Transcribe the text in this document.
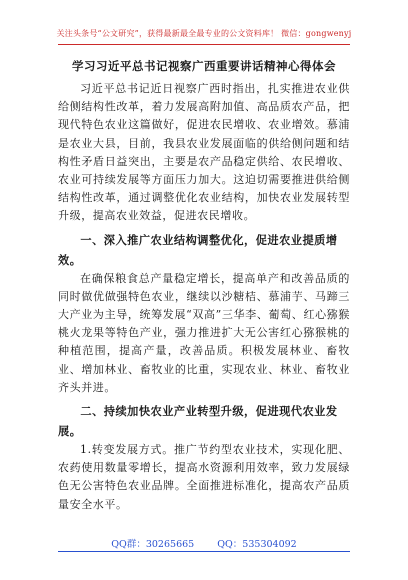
关注头条号“公文研究”，获得最新最全最专业的公文资料库！ 微信：gongwenyj
学习习近平总书记视察广西重要讲话精神心得体会

习近平总书记近日视察广西时指出，扎实推进农业供给侧结构性改革，着力发展高附加值、高品质农产品，把现代特色农业这篇做好，促进农民增收、农业增效。慕浦是农业大县，目前，我县农业发展面临的供给侧问题和结构性矛盾日益突出，主要是农产品稳定供给、农民增收、农业可持续发展等方面压力加大。这迫切需要推进供给侧结构性改革，通过调整优化农业结构，加快农业发展转型升级，提高农业效益，促进农民增收。

一、深入推广农业结构调整优化，促进农业提质增效。

在确保粮食总产量稳定增长，提高单产和改善品质的同时做优做强特色农业，继续以沙糖桔、慕浦芋、马蹄三大产业为主导，统筹发展“双高”三华李、葡萄、红心猕猴桃火龙果等特色产业，强力推进扩大无公害红心猕猴桃的种植范围，提高产量，改善品质。积极发展林业、畜牧业、增加林业、畜牧业的比重，实现农业、林业、畜牧业齐头并进。

二、持续加快农业产业转型升级，促进现代农业发展。

1.转变发展方式。推广节约型农业技术，实现化肥、农药使用数量零增长，提高水资源利用效率，致力发展绿色无公害特色农业品牌。全面推进标准化，提高农产品质量安全水平。

QQ群：30265665 QQ：535304092
